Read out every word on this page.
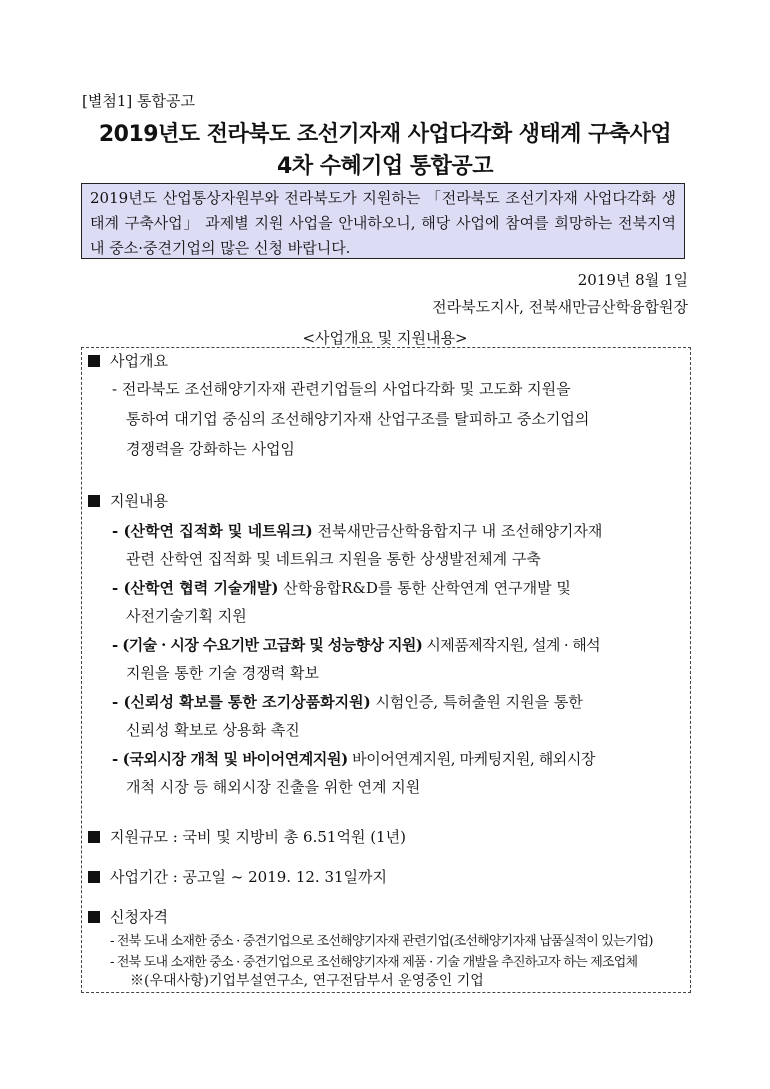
[별첨1] 통합공고
2019년도 전라북도 조선기자재 사업다각화 생태계 구축사업
4차 수혜기업 통합공고
2019년도 산업통상자원부와 전라북도가 지원하는 「전라북도 조선기자재 사업다각화 생태계 구축사업」 과제별 지원 사업을 안내하오니, 해당 사업에 참여를 희망하는 전북지역 내 중소·중견기업의 많은 신청 바랍니다.
2019년 8월 1일
전라북도지사, 전북새만금산학융합원장
<사업개요 및 지원내용>
사업개요
- 전라북도 조선해양기자재 관련기업들의 사업다각화 및 고도화 지원을
통하여 대기업 중심의 조선해양기자재 산업구조를 탈피하고 중소기업의
경쟁력을 강화하는 사업임
지원내용
- (산학연 집적화 및 네트워크) 전북새만금산학융합지구 내 조선해양기자재
관련 산학연 집적화 및 네트워크 지원을 통한 상생발전체계 구축
- (산학연 협력 기술개발) 산학융합R&D를 통한 산학연계 연구개발 및
사전기술기획 지원
- (기술 · 시장 수요기반 고급화 및 성능향상 지원) 시제품제작지원, 설계 · 해석
지원을 통한 기술 경쟁력 확보
- (신뢰성 확보를 통한 조기상품화지원) 시험인증, 특허출원 지원을 통한
신뢰성 확보로 상용화 촉진
- (국외시장 개척 및 바이어연계지원) 바이어연계지원, 마케팅지원, 해외시장
개척 시장 등 해외시장 진출을 위한 연계 지원
지원규모 : 국비 및 지방비 총 6.51억원 (1년)
사업기간 : 공고일 ~ 2019. 12. 31일까지
신청자격
- 전북 도내 소재한 중소 · 중견기업으로 조선해양기자재 관련기업(조선해양기자재 납품실적이 있는기업)
- 전북 도내 소재한 중소 · 중견기업으로 조선해양기자재 제품 · 기술 개발을 추진하고자 하는 제조업체
※(우대사항)기업부설연구소, 연구전담부서 운영중인 기업
